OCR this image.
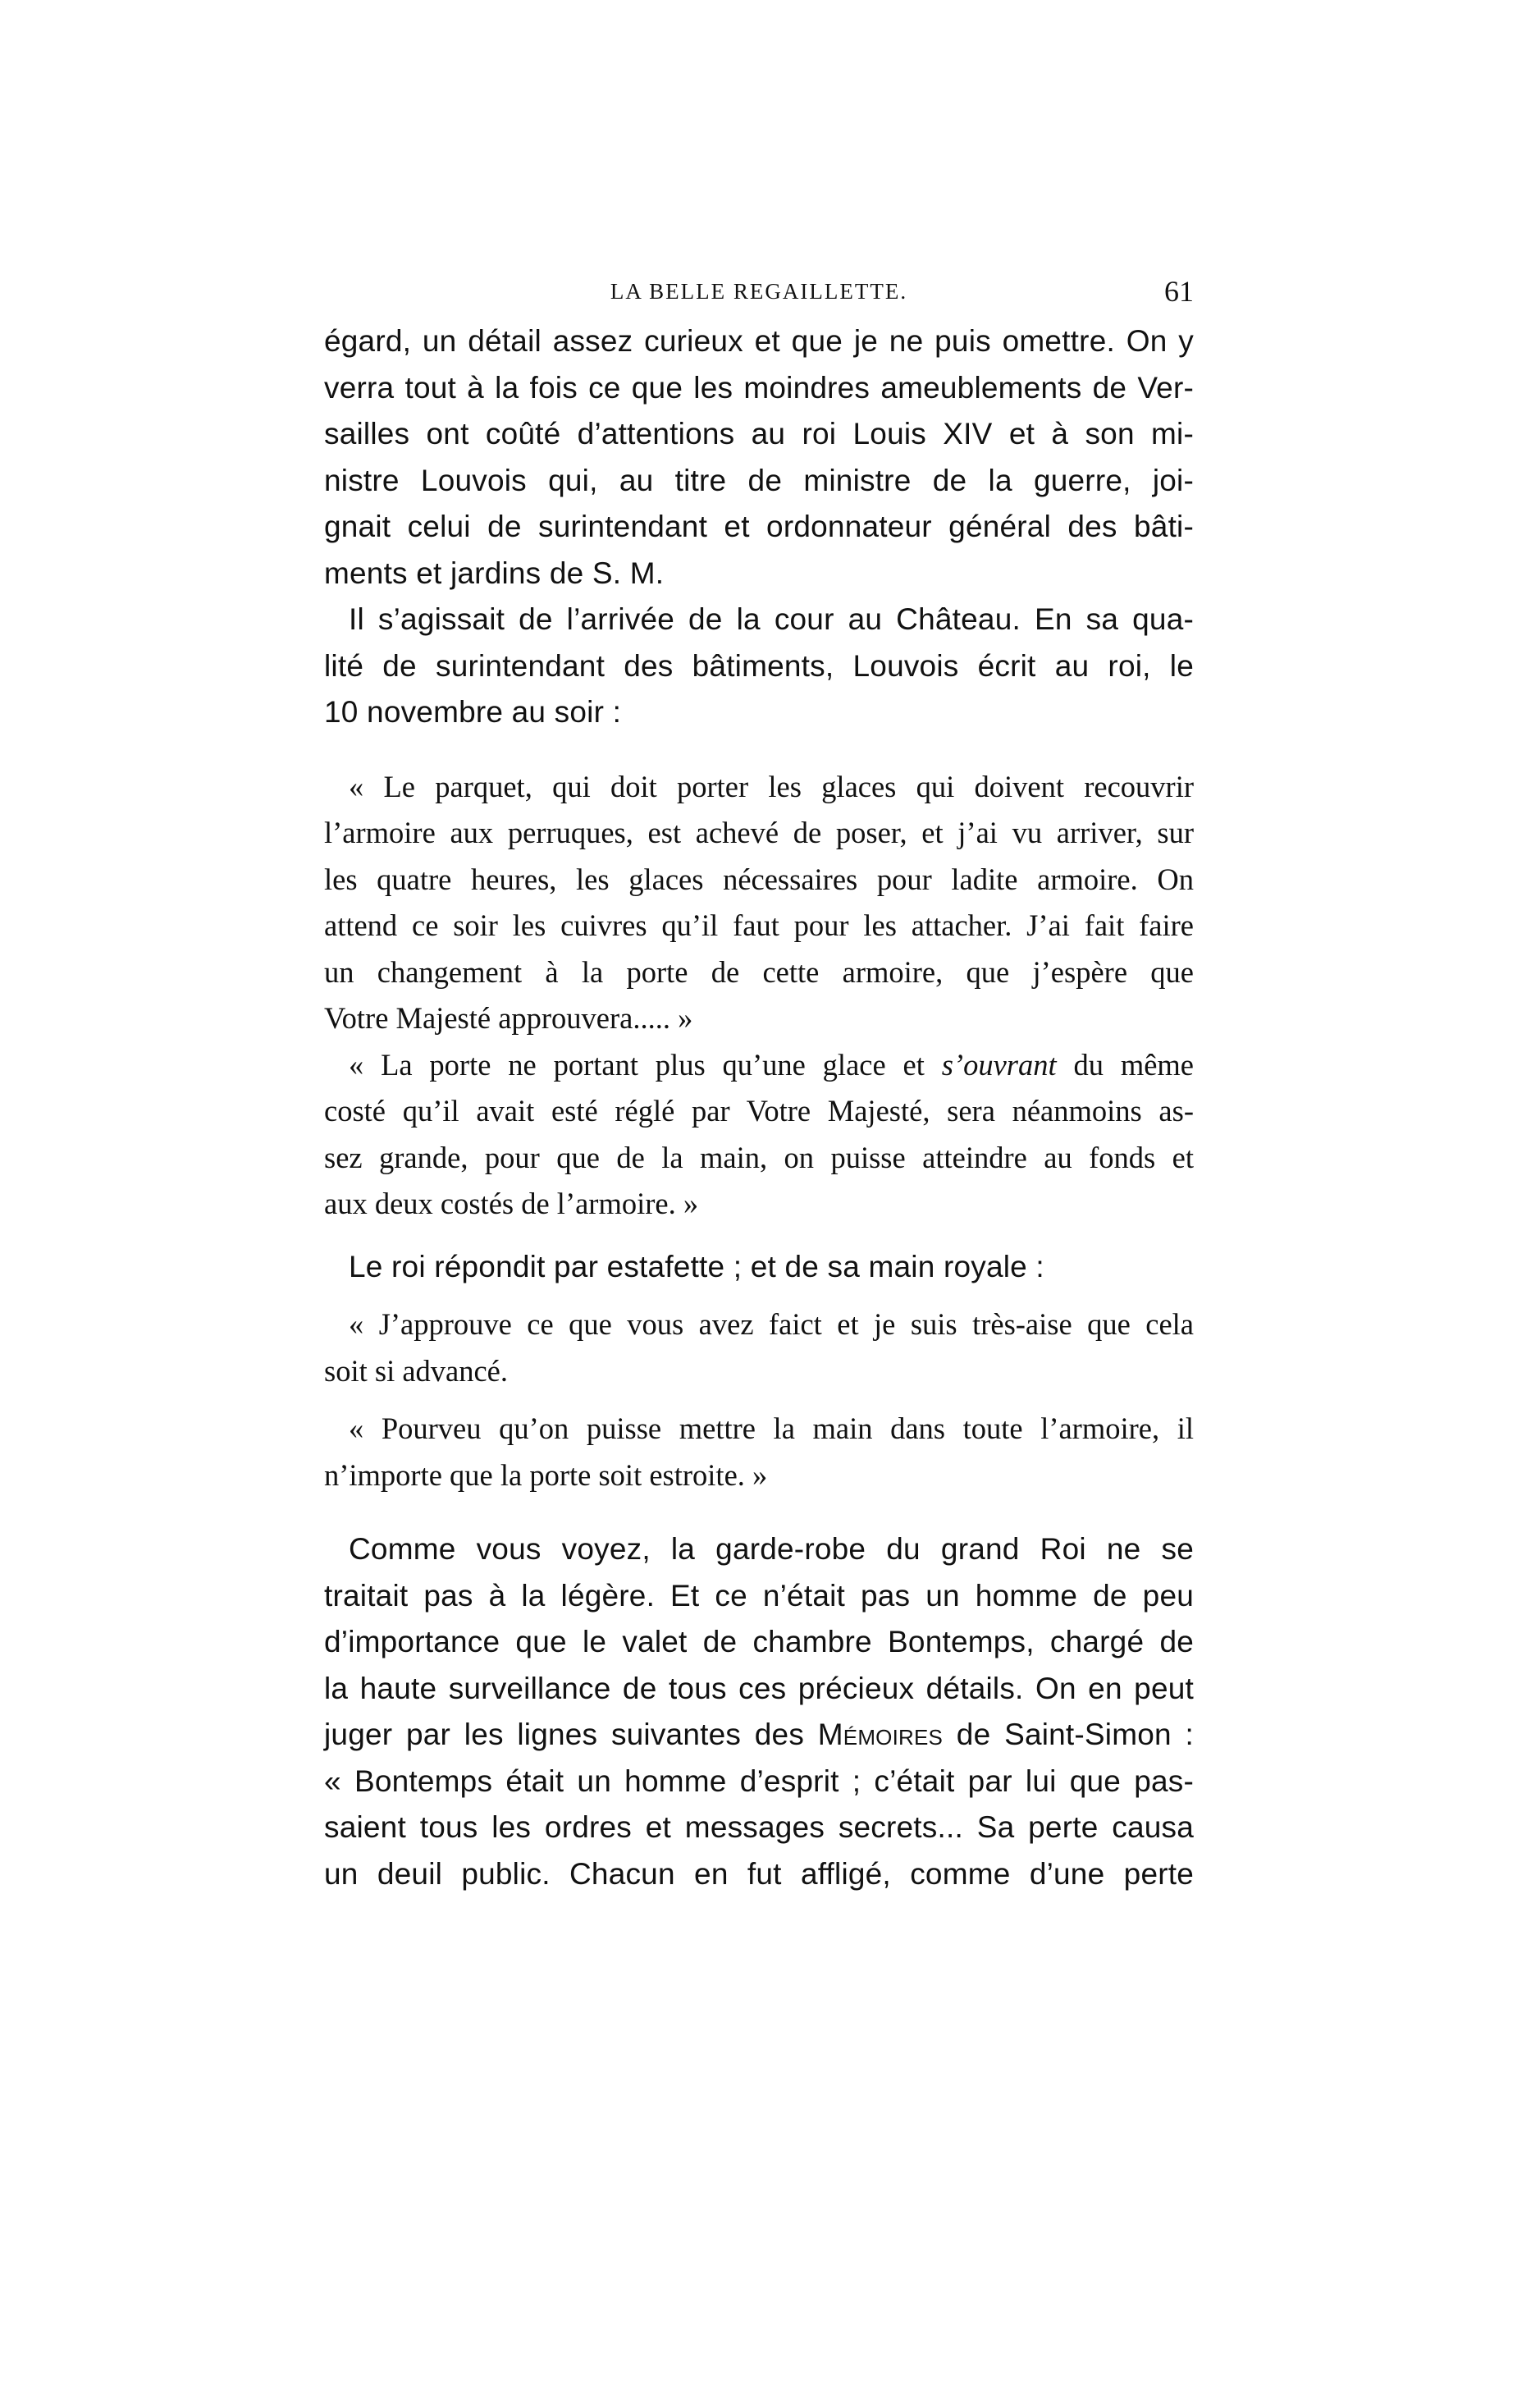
LA BELLE REGAILLETTE.	61
égard, un détail assez curieux et que je ne puis omettre. On y
verra tout à la fois ce que les moindres ameublements de Ver-
sailles ont coûté d’attentions au roi Louis XIV et à son mi-
nistre Louvois qui, au titre de ministre de la guerre, joi-
gnait celui de surintendant et ordonnateur général des bâti-
ments et jardins de S. M.
Il s’agissait de l’arrivée de la cour au Château. En sa qua-
lité de surintendant des bâtiments, Louvois écrit au roi, le
10 novembre au soir :
« Le parquet, qui doit porter les glaces qui doivent recouvrir
l’armoire aux perruques, est achevé de poser, et j’ai vu arriver, sur
les quatre heures, les glaces nécessaires pour ladite armoire. On
attend ce soir les cuivres qu’il faut pour les attacher. J’ai fait faire
un changement à la porte de cette armoire, que j’espère que
Votre Majesté approuvera..... »
« La porte ne portant plus qu’une glace et s’ouvrant du même
costé qu’il avait esté réglé par Votre Majesté, sera néanmoins as-
sez grande, pour que de la main, on puisse atteindre au fonds et
aux deux costés de l’armoire. »
Le roi répondit par estafette ; et de sa main royale :
« J’approuve ce que vous avez faict et je suis très-aise que cela
soit si advancé.
« Pourveu qu’on puisse mettre la main dans toute l’armoire, il
n’importe que la porte soit estroite. »
Comme vous voyez, la garde-robe du grand Roi ne se
traitait pas à la légère. Et ce n’était pas un homme de peu
d’importance que le valet de chambre Bontemps, chargé de
la haute surveillance de tous ces précieux détails. On en peut
juger par les lignes suivantes des Mémoires de Saint-Simon :
« Bontemps était un homme d’esprit ; c’était par lui que pas-
saient tous les ordres et messages secrets... Sa perte causa
un deuil public. Chacun en fut affligé, comme d’une perte
